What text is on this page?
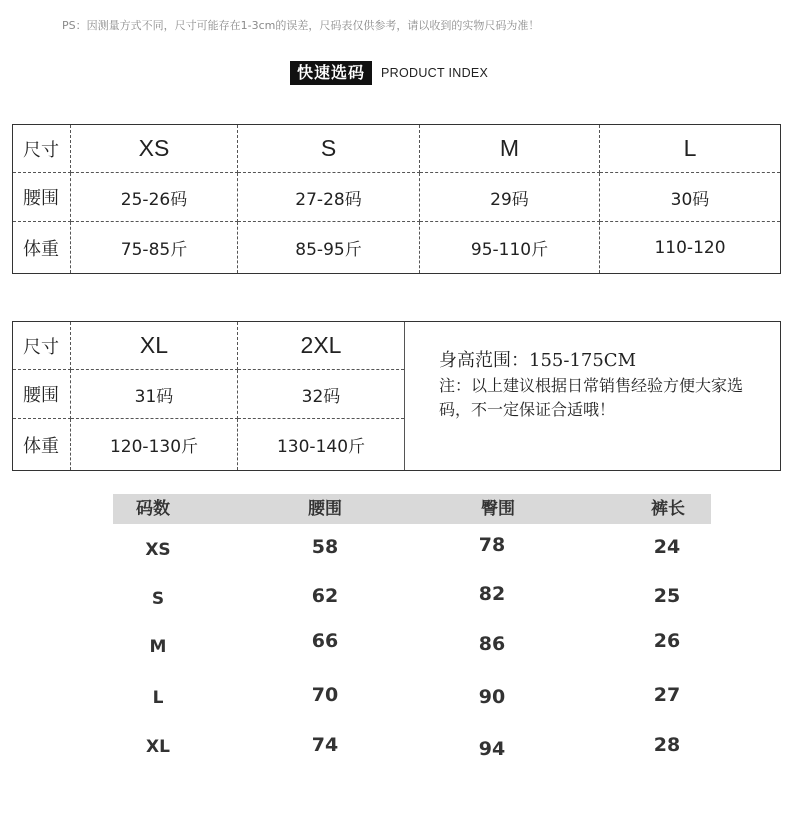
PS：因测量方式不同，尺寸可能存在1-3cm的误差，尺码表仅供参考，请以收到的实物尺码为准！
快速选码	PRODUCT INDEX
尺寸	XS	S	M	L
腰围	25-26码	27-28码	29码	30码
体重	75-85斤	85-95斤	95-110斤	110-120
尺寸	XL	2XL	身高范围：155-175CM
注：以上建议根据日常销售经验方便大家选码，不一定保证合适哦！

腰围	31码	32码	
体重	120-130斤	130-140斤	
码数	腰围	臀围	裤长
XS	58	78	24
S	62	82	25
M	66	86	26
L	70	90	27
XL	74	94	28
